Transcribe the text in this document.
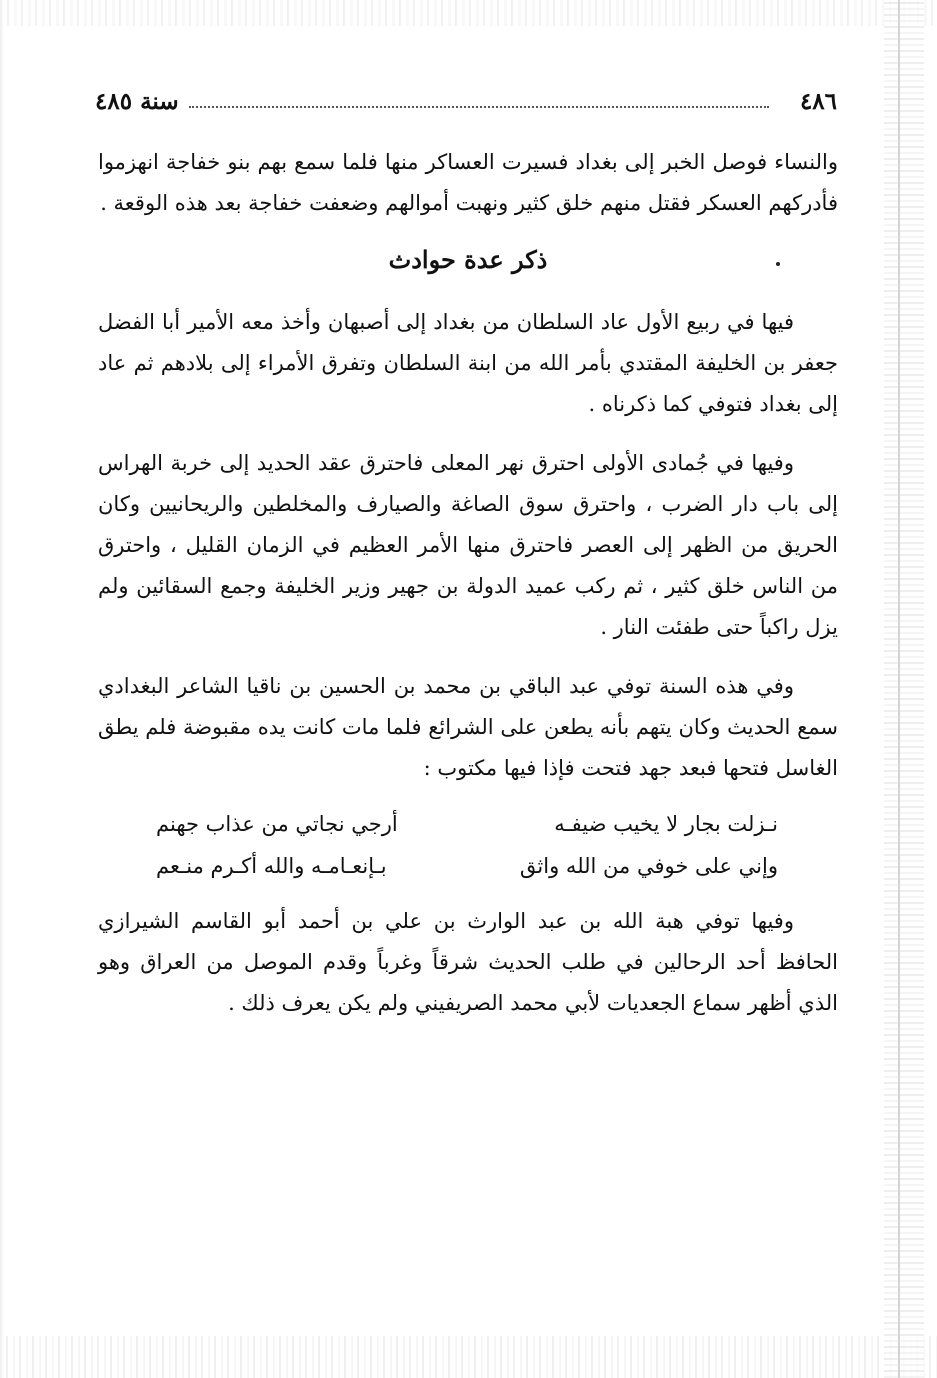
٤٨٦
سنة ٤٨٥

والنساء فوصل الخبر إلى بغداد فسيرت العساكر منها فلما سمع بهم بنو خفاجة انهزموا فأدركهم العسكر فقتل منهم خلق كثير ونهبت أموالهم وضعفت خفاجة بعد هذه الوقعة .

ذكر عدة حوادث

فيها في ربيع الأول عاد السلطان من بغداد إلى أصبهان وأخذ معه الأمير أبا الفضل جعفر بن الخليفة المقتدي بأمر الله من ابنة السلطان وتفرق الأمراء إلى بلادهم ثم عاد إلى بغداد فتوفي كما ذكرناه .

وفيها في جُمادى الأولى احترق نهر المعلى فاحترق عقد الحديد إلى خربة الهراس إلى باب دار الضرب ، واحترق سوق الصاغة والصيارف والمخلطين والريحانيين وكان الحريق من الظهر إلى العصر فاحترق منها الأمر العظيم في الزمان القليل ، واحترق من الناس خلق كثير ، ثم ركب عميد الدولة بن جهير وزير الخليفة وجمع السقائين ولم يزل راكباً حتى طفئت النار .

وفي هذه السنة توفي عبد الباقي بن محمد بن الحسين بن ناقيا الشاعر البغدادي سمع الحديث وكان يتهم بأنه يطعن على الشرائع فلما مات كانت يده مقبوضة فلم يطق الغاسل فتحها فبعد جهد فتحت فإذا فيها مكتوب :

نـزلت بجار لا يخيب ضيفـه
أرجي نجاتي من عذاب جهنم
وإني على خوفي من الله واثق
بـإنعـامـه والله أكـرم منـعم

وفيها توفي هبة الله بن عبد الوارث بن علي بن أحمد أبو القاسم الشيرازي الحافظ أحد الرحالين في طلب الحديث شرقاً وغرباً وقدم الموصل من العراق وهو الذي أظهر سماع الجعديات لأبي محمد الصريفيني ولم يكن يعرف ذلك .
